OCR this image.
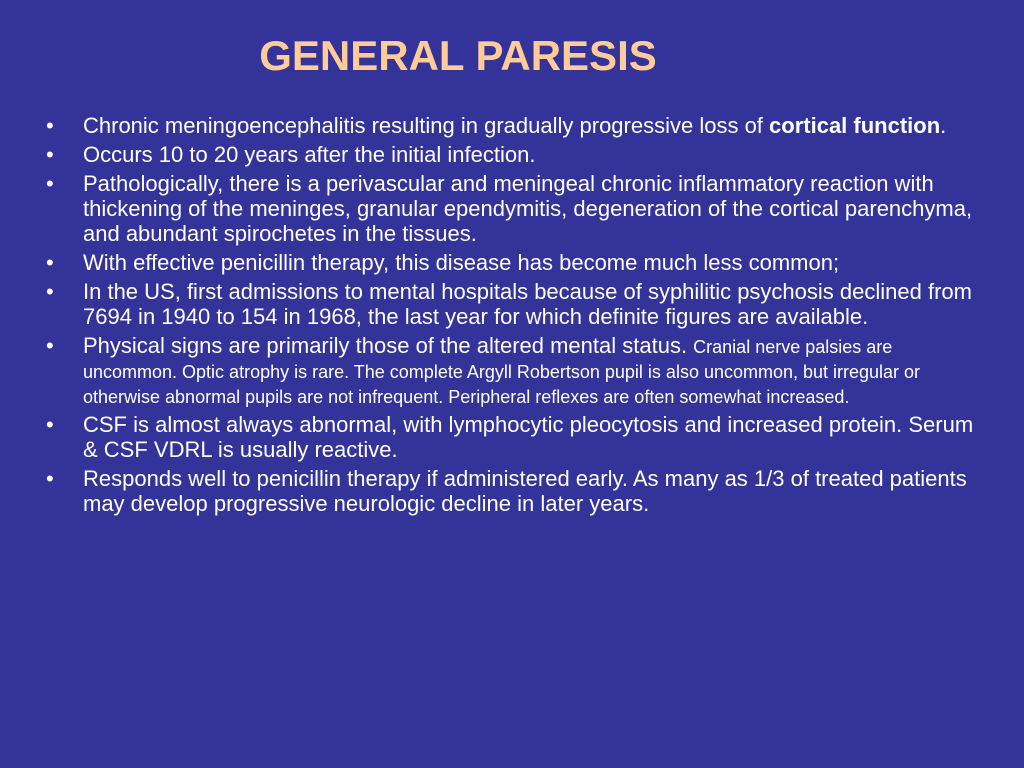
GENERAL PARESIS
•	Chronic meningoencephalitis resulting in gradually progressive loss of cortical function.
•	Occurs 10 to 20 years after the initial infection.
•	Pathologically, there is a perivascular and meningeal chronic inflammatory reaction with thickening of the meninges, granular ependymitis, degeneration of the cortical parenchyma, and abundant spirochetes in the tissues.
•	With effective penicillin therapy, this disease has become much less common;
•	In the US, first admissions to mental hospitals because of syphilitic psychosis declined from 7694 in 1940 to 154 in 1968, the last year for which definite figures are available.
•	Physical signs are primarily those of the altered mental status. Cranial nerve palsies are uncommon. Optic atrophy is rare. The complete Argyll Robertson pupil is also uncommon, but irregular or otherwise abnormal pupils are not infrequent. Peripheral reflexes are often somewhat increased.
•	CSF is almost always abnormal, with lymphocytic pleocytosis and increased protein. Serum & CSF VDRL is usually reactive.
•	Responds well to penicillin therapy if administered early. As many as 1/3 of treated patients may develop progressive neurologic decline in later years.
